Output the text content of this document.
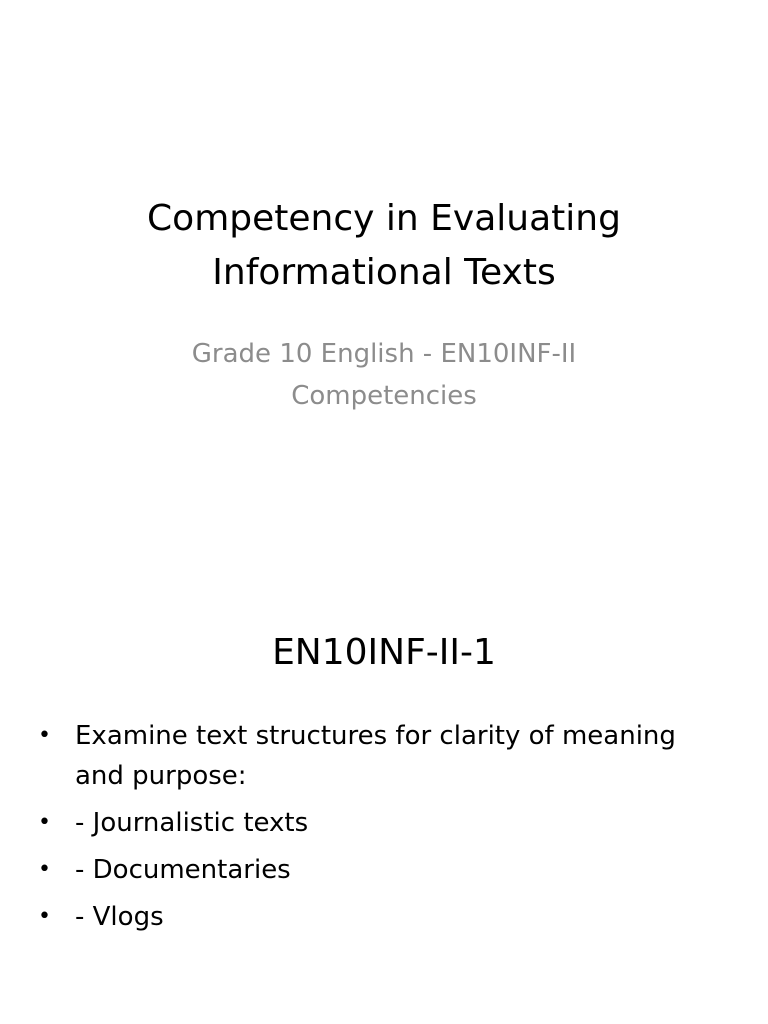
Competency in Evaluating Informational Texts
Grade 10 English - EN10INF-II Competencies
EN10INF-II-1
• Examine text structures for clarity of meaning and purpose:
• - Journalistic texts
• - Documentaries
• - Vlogs
